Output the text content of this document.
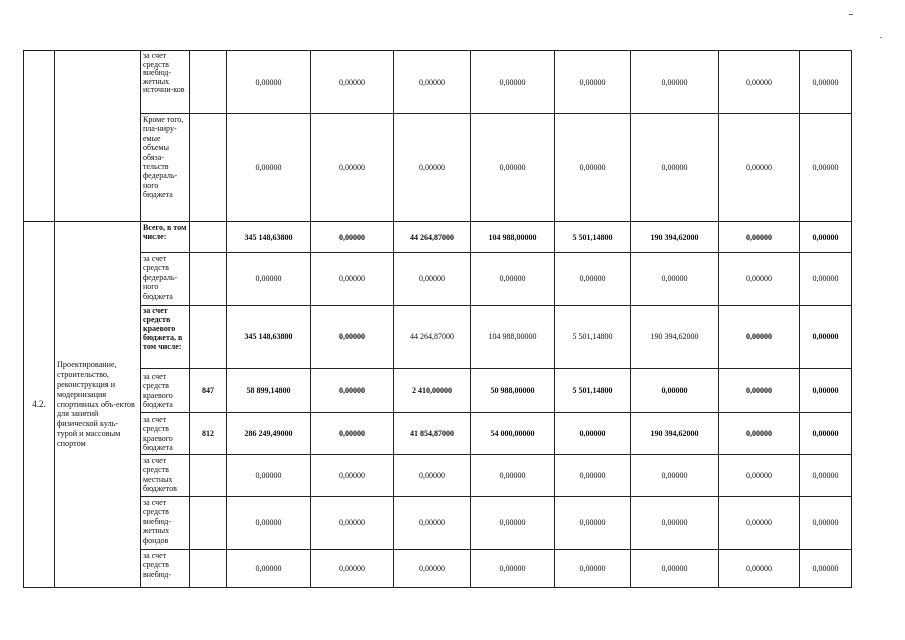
		за счет средств внебюд-жетных источни-ков		0,00000	0,00000	0,00000	0,00000	0,00000	0,00000	0,00000	0,00000
		Кроме того, пла-ниру-емые объемы обяза-тельств федераль-ного бюджета		0,00000	0,00000	0,00000	0,00000	0,00000	0,00000	0,00000	0,00000
4.2.	Проектирование, строительство, реконструкция и модернизация спортивных объ-ектов для занятий физической куль-турой и массовым спортом	Всего, в том числе:		345 148,63800	0,00000	44 264,87000	104 988,00000	5 501,14800	190 394,62000	0,00000	0,00000
		за счет средств федераль-ного бюджета		0,00000	0,00000	0,00000	0,00000	0,00000	0,00000	0,00000	0,00000
		за счет средств краевого бюджета, в том числе:		345 148,63800	0,00000	44 264,87000	104 988,00000	5 501,14800	190 394,62000	0,00000	0,00000
		за счет средств краевого бюджета	847	58 899,14800	0,00000	2 410,00000	50 988,00000	5 501,14800	0,00000	0,00000	0,00000
		за счет средств краевого бюджета	812	286 249,49000	0,00000	41 854,87000	54 000,00000	0,00000	190 394,62000	0,00000	0,00000
		за счет средств местных бюджетов		0,00000	0,00000	0,00000	0,00000	0,00000	0,00000	0,00000	0,00000
		за счет средств внебюд-жетных фондов		0,00000	0,00000	0,00000	0,00000	0,00000	0,00000	0,00000	0,00000
		за счет средств внебюд-		0,00000	0,00000	0,00000	0,00000	0,00000	0,00000	0,00000	0,00000
